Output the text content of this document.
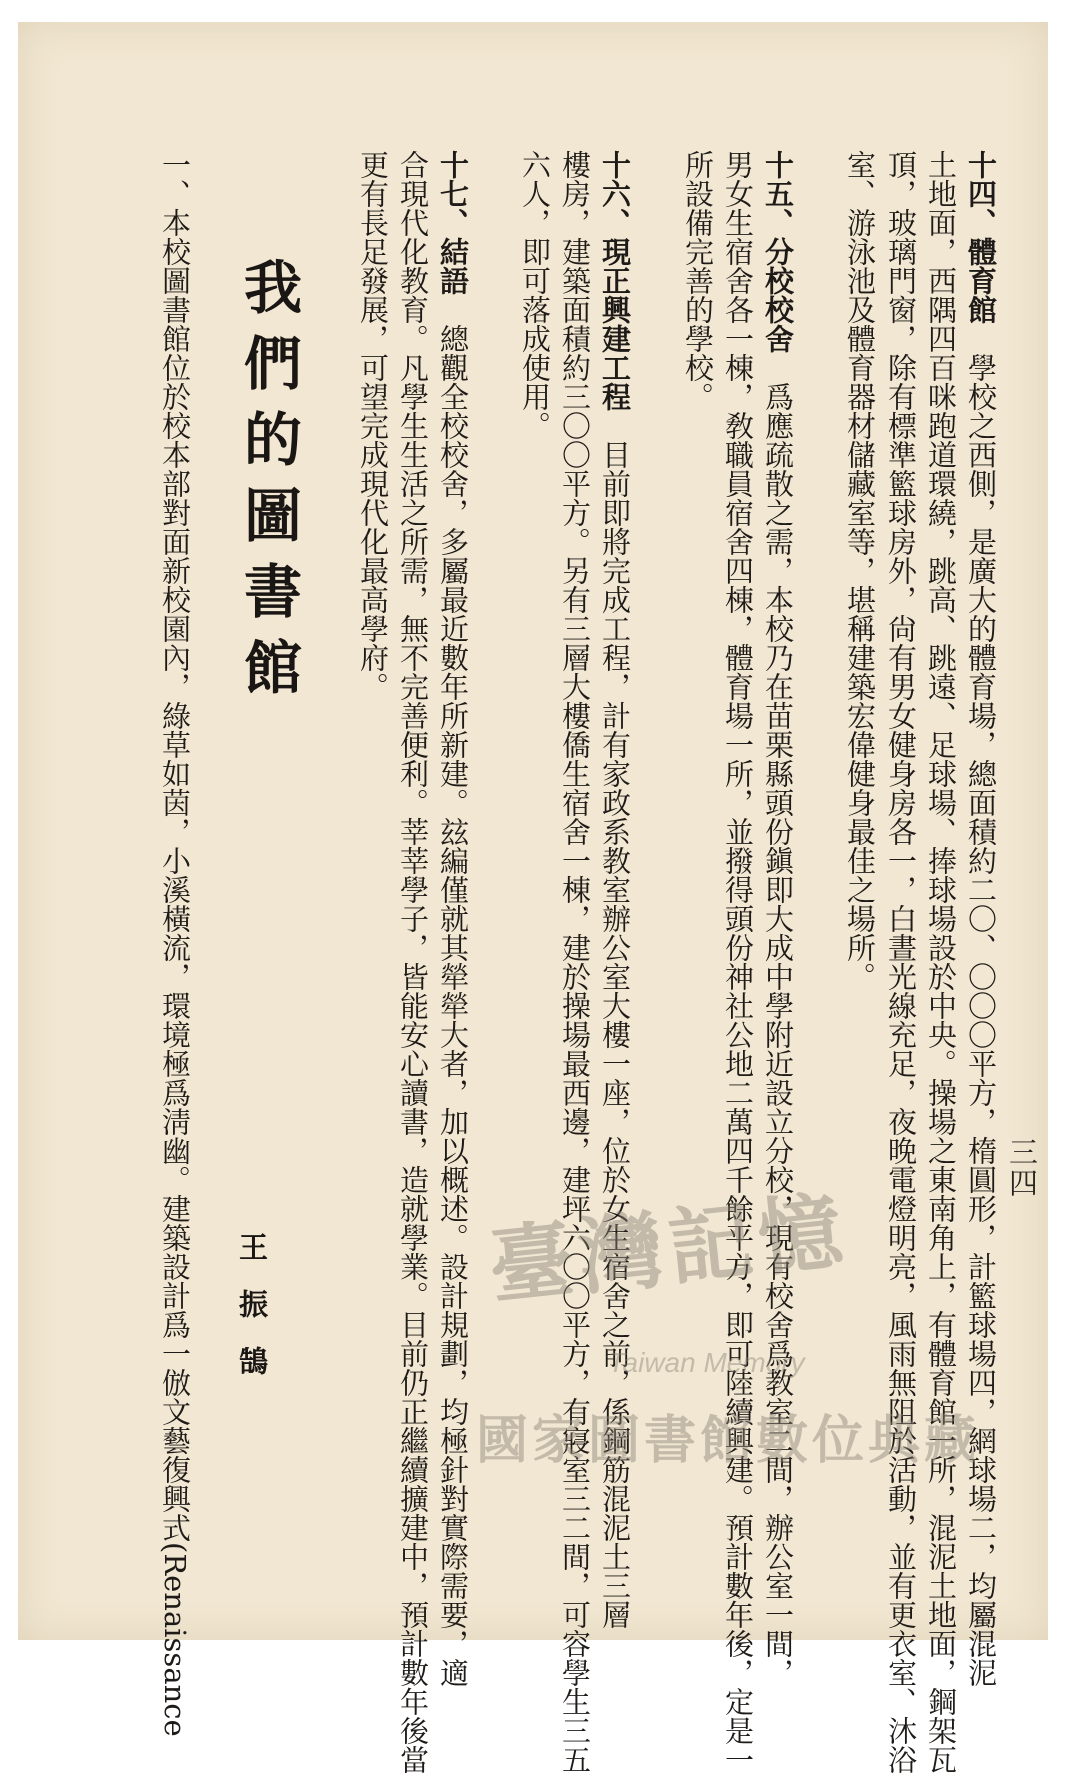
三四
十四、體育館　學校之西側，是廣大的體育場，總面積約二〇、〇〇〇平方，楕圓形，計籃球場四，網球場二，均屬混泥
土地面，西隅四百咪跑道環繞，跳高、跳遠、足球場、捧球場設於中央。操場之東南角上，有體育館一所，混泥土地面，鋼架瓦
頂，玻璃門窗，除有標準籃球房外，尙有男女健身房各一，白晝光線充足，夜晚電燈明亮，風雨無阻於活動，並有更衣室、沐浴
室、游泳池及體育器材儲藏室等，堪稱建築宏偉健身最佳之場所。
十五、分校校舍　爲應疏散之需，本校乃在苗栗縣頭份鎭即大成中學附近設立分校，現有校舍爲教室二間，辦公室一間，
男女生宿舍各一棟，敎職員宿舍四棟，體育場一所，並撥得頭份神社公地二萬四千餘平方，即可陸續興建。預計數年後，定是一
所設備完善的學校。
十六、現正興建工程　目前即將完成工程，計有家政系教室辦公室大樓一座，位於女生宿舍之前，係鋼筋混泥土三層
樓房，建築面積約三〇〇平方。另有三層大樓僑生宿舍一棟，建於操場最西邊，建坪六〇〇平方，有寢室三二間，可容學生三五
六人，即可落成使用。
十七、結語　總觀全校校舍，多屬最近數年所新建。玆編僅就其犖犖大者，加以概述。設計規劃，均極針對實際需要，適
合現代化教育。凡學生生活之所需，無不完善便利。莘莘學子，皆能安心讀書，造就學業。目前仍正繼續擴建中，預計數年後當
更有長足發展，可望完成現代化最高學府。
我們的圖書館
王振鵠
一、本校圖書館位於校本部對面新校園內，綠草如茵，小溪橫流，環境極爲淸幽。建築設計爲一倣文藝復興式(Renaissance	臺灣記憶
Taiwan Memory
國家圖書館數位典藏
